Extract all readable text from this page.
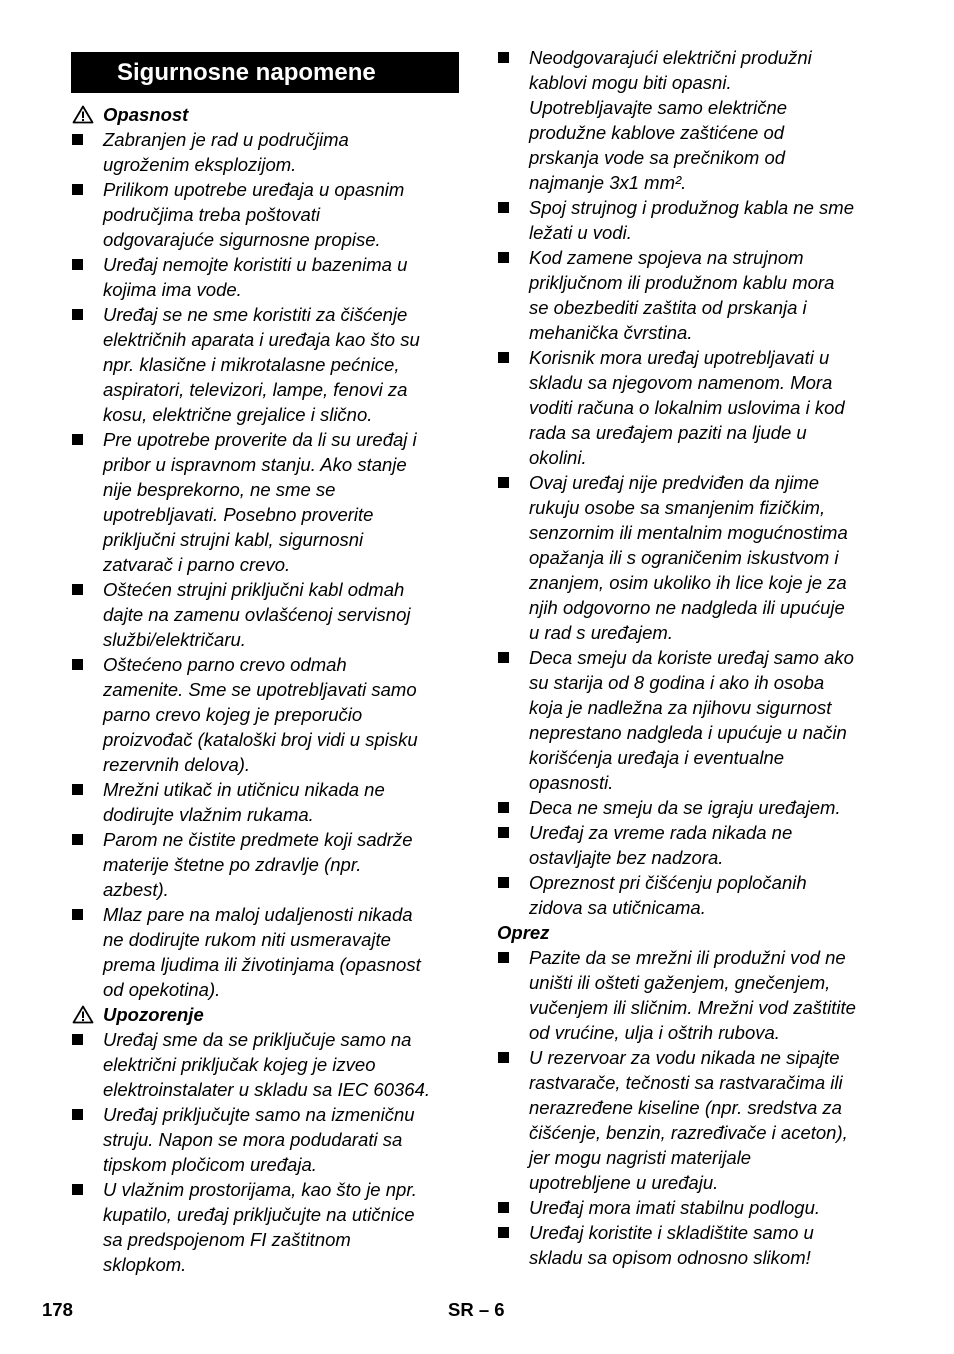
Sigurnosne napomene
Opasnost
Zabranjen je rad u područjima
ugroženim eksplozijom.
Prilikom upotrebe uređaja u opasnim
područjima treba poštovati
odgovarajuće sigurnosne propise.
Uređaj nemojte koristiti u bazenima u
kojima ima vode.
Uređaj se ne sme koristiti za čišćenje
električnih aparata i uređaja kao što su
npr. klasične i mikrotalasne pećnice,
aspiratori, televizori, lampe, fenovi za
kosu, električne grejalice i slično.
Pre upotrebe proverite da li su uređaj i
pribor u ispravnom stanju. Ako stanje
nije besprekorno, ne sme se
upotrebljavati. Posebno proverite
priključni strujni kabl, sigurnosni
zatvarač i parno crevo.
Oštećen strujni priključni kabl odmah
dajte na zamenu ovlašćenoj servisnoj
službi/električaru.
Oštećeno parno crevo odmah
zamenite. Sme se upotrebljavati samo
parno crevo kojeg je preporučio
proizvođač (kataloški broj vidi u spisku
rezervnih delova).
Mrežni utikač in utičnicu nikada ne
dodirujte vlažnim rukama.
Parom ne čistite predmete koji sadrže
materije štetne po zdravlje (npr.
azbest).
Mlaz pare na maloj udaljenosti nikada
ne dodirujte rukom niti usmeravajte
prema ljudima ili životinjama (opasnost
od opekotina).
Upozorenje
Uređaj sme da se priključuje samo na
električni priključak kojeg je izveo
elektroinstalater u skladu sa IEC 60364.
Uređaj priključujte samo na izmeničnu
struju. Napon se mora podudarati sa
tipskom pločicom uređaja.
U vlažnim prostorijama, kao što je npr.
kupatilo, uređaj priključujte na utičnice
sa predspojenom FI zaštitnom
sklopkom.
Neodgovarajući električni produžni
kablovi mogu biti opasni.
Upotrebljavajte samo električne
produžne kablove zaštićene od
prskanja vode sa prečnikom od
najmanje 3x1 mm².
Spoj strujnog i produžnog kabla ne sme
ležati u vodi.
Kod zamene spojeva na strujnom
priključnom ili produžnom kablu mora
se obezbediti zaštita od prskanja i
mehanička čvrstina.
Korisnik mora uređaj upotrebljavati u
skladu sa njegovom namenom. Mora
voditi računa o lokalnim uslovima i kod
rada sa uređajem paziti na ljude u
okolini.
Ovaj uređaj nije predviđen da njime
rukuju osobe sa smanjenim fizičkim,
senzornim ili mentalnim mogućnostima
opažanja ili s ograničenim iskustvom i
znanjem, osim ukoliko ih lice koje je za
njih odgovorno ne nadgleda ili upućuje
u rad s uređajem.
Deca smeju da koriste uređaj samo ako
su starija od 8 godina i ako ih osoba
koja je nadležna za njihovu sigurnost
neprestano nadgleda i upućuje u način
korišćenja uređaja i eventualne
opasnosti.
Deca ne smeju da se igraju uređajem.
Uređaj za vreme rada nikada ne
ostavljajte bez nadzora.
Opreznost pri čišćenju popločanih
zidova sa utičnicama.
Oprez
Pazite da se mrežni ili produžni vod ne
uništi ili ošteti gaženjem, gnečenjem,
vučenjem ili sličnim. Mrežni vod zaštitite
od vrućine, ulja i oštrih rubova.
U rezervoar za vodu nikada ne sipajte
rastvarače, tečnosti sa rastvaračima ili
nerazređene kiseline (npr. sredstva za
čišćenje, benzin, razređivače i aceton),
jer mogu nagristi materijale
upotrebljene u uređaju.
Uređaj mora imati stabilnu podlogu.
Uređaj koristite i skladištite samo u
skladu sa opisom odnosno slikom!
178	SR – 6
